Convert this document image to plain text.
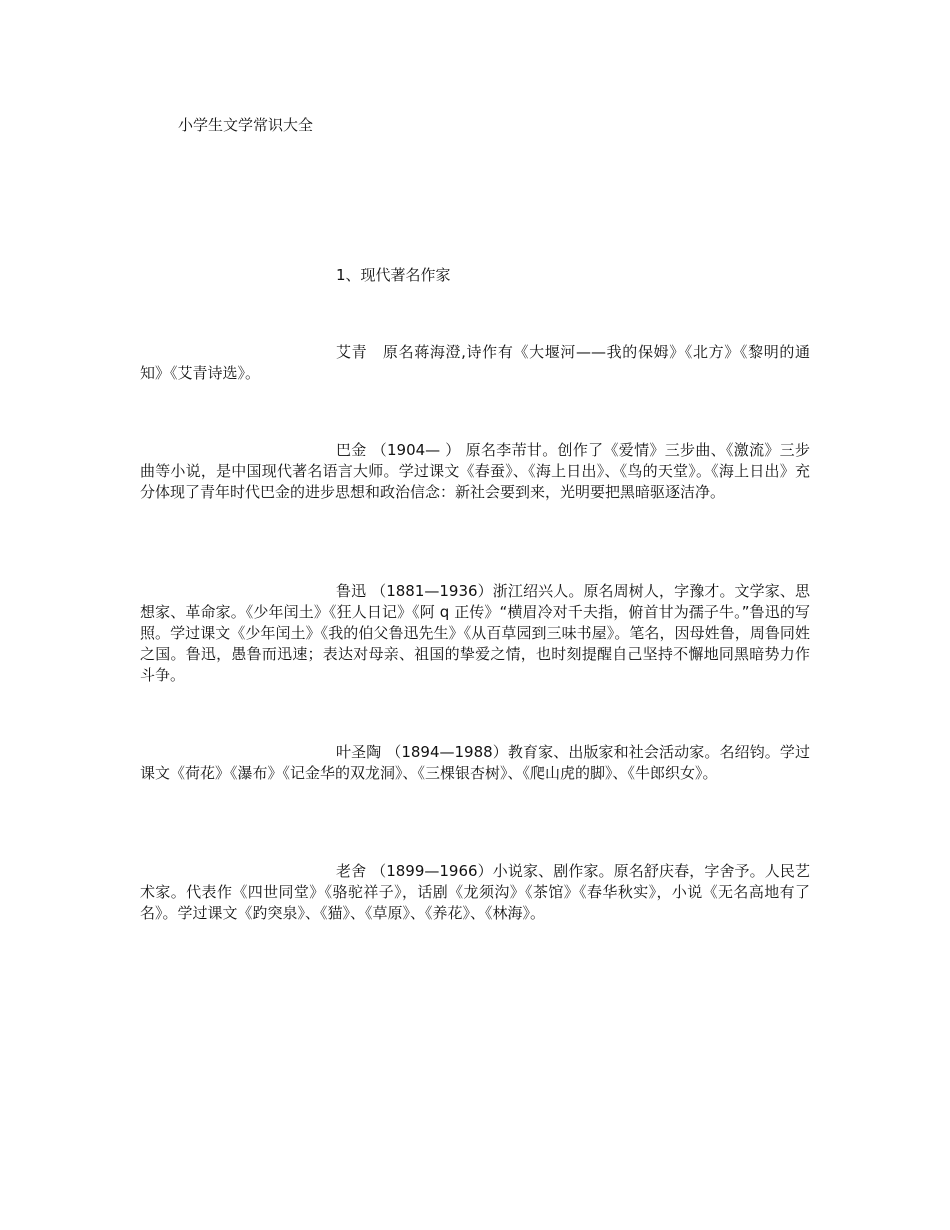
小学生文学常识大全
1、现代著名作家

艾青　原名蒋海澄,诗作有《大堰河——我的保姆》《北方》《黎明的通知》《艾青诗选》。

巴金 （1904— ） 原名李芾甘。创作了《爱情》三步曲、《激流》三步曲等小说，是中国现代著名语言大师。学过课文《春蚕》、《海上日出》、《鸟的天堂》。《海上日出》充分体现了青年时代巴金的进步思想和政治信念：新社会要到来，光明要把黑暗驱逐洁净。

鲁迅 （1881—1936）浙江绍兴人。原名周树人，字豫才。文学家、思想家、革命家。《少年闰土》《狂人日记》《阿 q 正传》“横眉冷对千夫指，俯首甘为孺子牛。”鲁迅的写照。学过课文《少年闰土》《我的伯父鲁迅先生》《从百草园到三味书屋》。笔名，因母姓鲁，周鲁同姓之国。鲁迅，愚鲁而迅速；表达对母亲、祖国的挚爱之情，也时刻提醒自己坚持不懈地同黑暗势力作斗争。

叶圣陶 （1894—1988）教育家、出版家和社会活动家。名绍钧。学过课文《荷花》《瀑布》《记金华的双龙洞》、《三棵银杏树》、《爬山虎的脚》、《牛郎织女》。

老舍 （1899—1966）小说家、剧作家。原名舒庆春，字舍予。人民艺术家。代表作《四世同堂》《骆驼祥子》，话剧《龙须沟》《茶馆》《春华秋实》，小说《无名高地有了名》。学过课文《趵突泉》、《猫》、《草原》、《养花》、《林海》。
